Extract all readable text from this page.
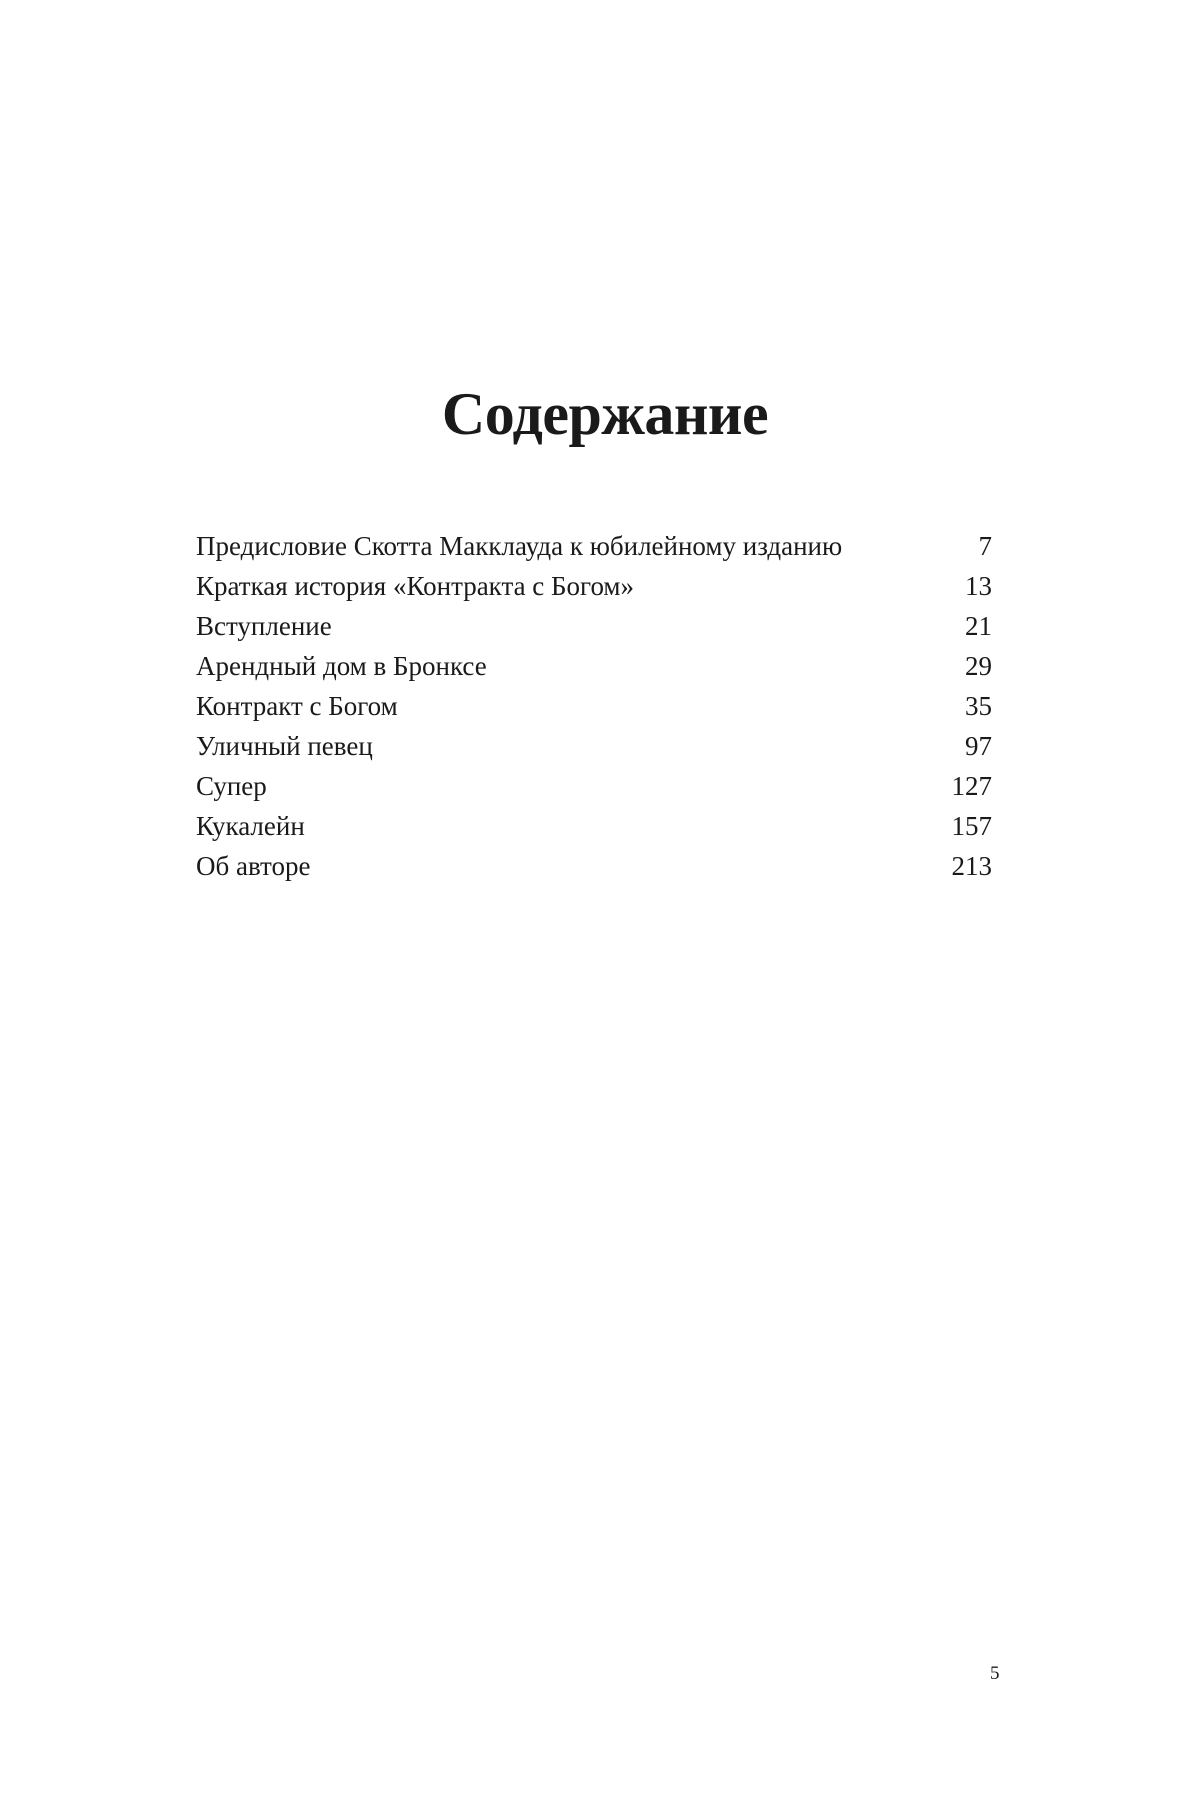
Содержание
Предисловие Скотта Макклауда к юбилейному изданию	7
Краткая история «Контракта с Богом»	13
Вступление	21
Арендный дом в Бронксе	29
Контракт с Богом	35
Уличный певец	97
Супер	127
Кукалейн	157
Об авторе	213
5
